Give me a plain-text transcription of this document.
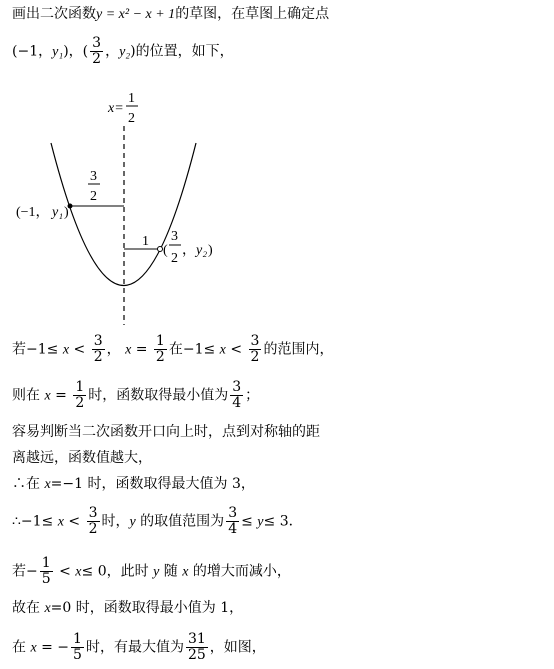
画出二次函数y = x² − x + 1的草图，在草图上确定点
(−1，y₁)，( $\frac{3}{2}$ ，y₂)的位置，如下，
x=
1
2
3
2
1
(−1， y₁ )
(
3
2
， y₂ )
若$-1\le x < \frac{3}{2}$ ， $x = \frac{1}{2}$ 在$-1\le x < \frac{3}{2}$ 的范围内，
则在 $x = \frac{1}{2}$ 时，函数取得最小值为 $\frac{3}{4}$ ；
容易判断当二次函数开口向上时，点到对称轴的距
离越远，函数值越大，
∴在 x=−1 时，函数取得最大值为 3，
∴−1≤ $x < \frac{3}{2}$ 时，y 的取值范围为 $\frac{3}{4} \le y\le 3$．
若− $\frac{1}{5} < x\le 0$，此时 y 随 x 的增大而减小，
故在 x=0 时，函数取得最小值为 1，
在 x = − $\frac{1}{5}$ 时，有最大值为 $\frac{31}{25}$ ，如图，
